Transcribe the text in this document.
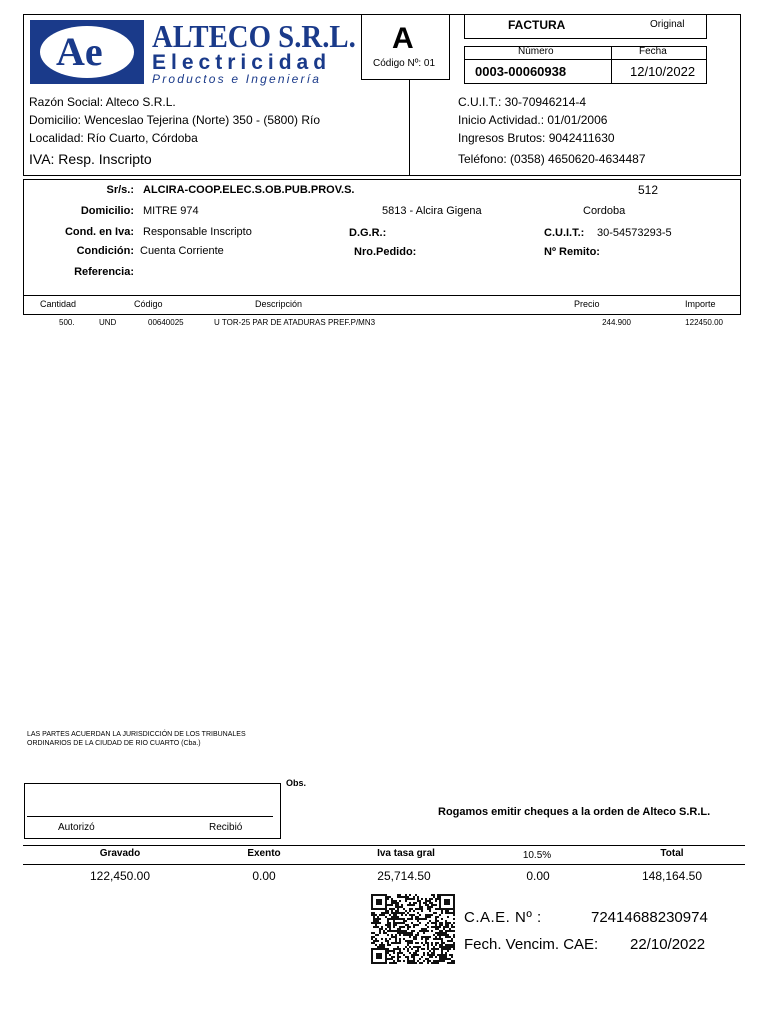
Ae ALTECO S.R.L.
Electricidad
Productos e Ingeniería
A
Código Nº: 01
FACTURA	Original
Número	Fecha
0003-00060938	12/10/2022
Razón Social: Alteco S.R.L.
Domicilio: Wenceslao Tejerina (Norte) 350 - (5800) Río
Localidad: Río Cuarto, Córdoba
IVA: Resp. Inscripto
C.U.I.T.: 30-70946214-4
Inicio Actividad.: 01/01/2006
Ingresos Brutos: 9042411630
Teléfono: (0358) 4650620-4634487
Sr/s.: ALCIRA-COOP.ELEC.S.OB.PUB.PROV.S.	512
Domicilio: MITRE 974	5813 - Alcira Gigena	Cordoba
Cond. en Iva: Responsable Inscripto	D.G.R.:	C.U.I.T.: 30-54573293-5
Condición: Cuenta Corriente	Nro.Pedido:	Nº Remito:
Referencia:
Cantidad	Código	Descripción	Precio	Importe
500.	UND	00640025	U TOR-25 PAR DE ATADURAS PREF.P/MN3	244.900	122450.00
LAS PARTES ACUERDAN LA JURISDICCIÓN DE LOS TRIBUNALES
ORDINARIOS DE LA CIUDAD DE RIO CUARTO (Cba.)
Autorizó	Recibió
Obs.
Rogamos emitir cheques a la orden de Alteco S.R.L.
Gravado	Exento	Iva tasa gral	10.5%	Total
122,450.00	0.00	25,714.50	0.00	148,164.50
C.A.E. Nº :	72414688230974
Fech. Vencim. CAE: 22/10/2022
